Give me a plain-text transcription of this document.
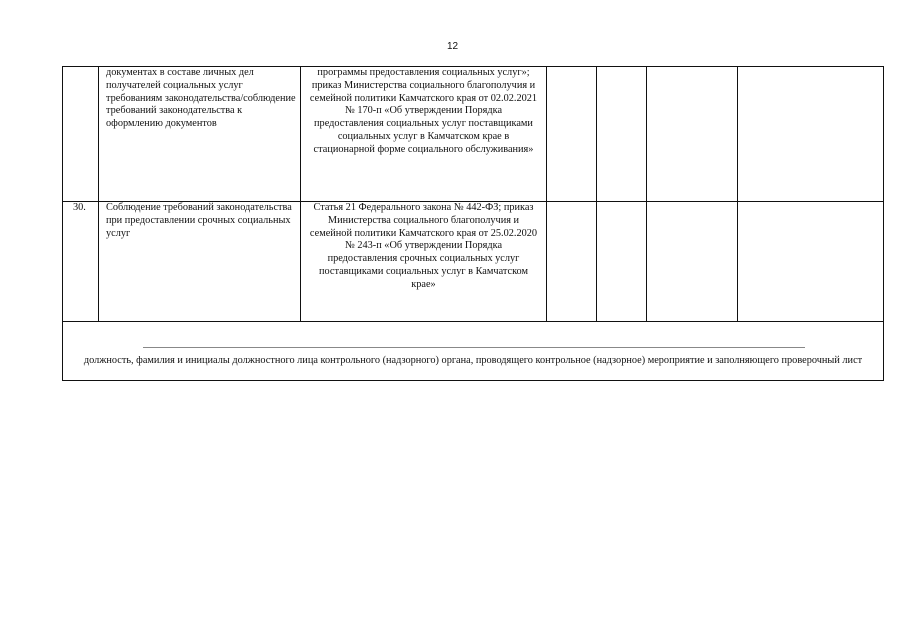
12
	документах в составе личных дел получателей социальных услуг требованиям законодательства/соблюдение требований законодательства к оформлению документов	программы предоставления социальных услуг»; приказ Министерства социального благополучия и семейной политики Камчатского края от 02.02.2021 № 170-п «Об утверждении Порядка предоставления социальных услуг поставщиками социальных услуг в Камчатском крае в стационарной форме социального обслуживания»				
30.	Соблюдение требований законодательства при предоставлении срочных социальных услуг	Статья 21 Федерального закона № 442-ФЗ; приказ Министерства социального благополучия и семейной политики Камчатского края от 25.02.2020 № 243-п «Об утверждении Порядка предоставления срочных социальных услуг поставщиками социальных услуг в Камчатском крае»				

должность, фамилия и инициалы должностного лица контрольного (надзорного) органа, проводящего контрольное (надзорное) мероприятие и заполняющего проверочный лист						
